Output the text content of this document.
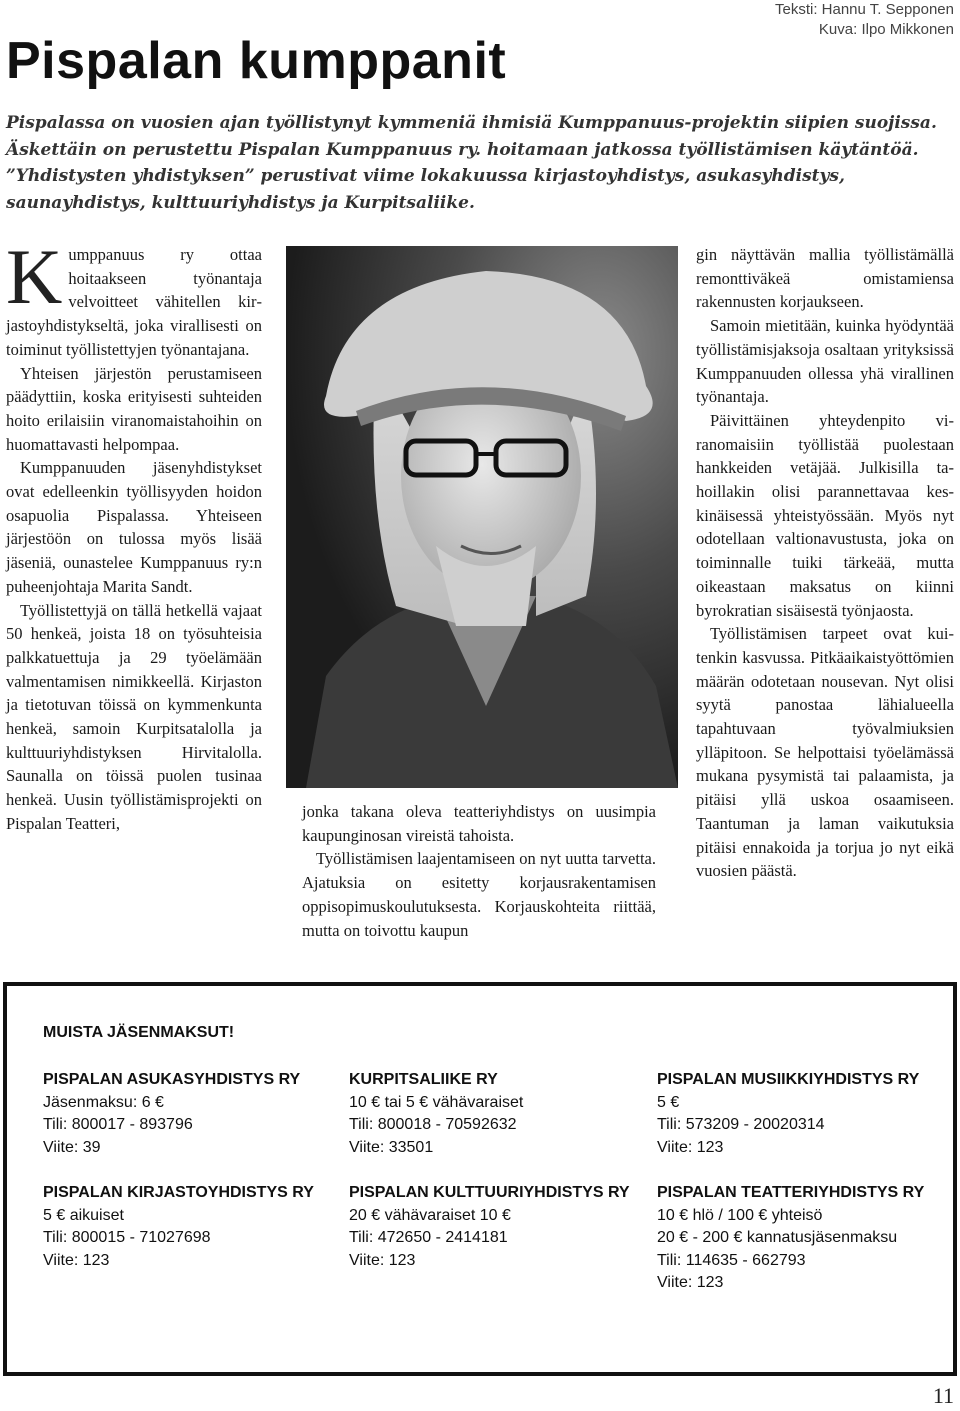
Teksti: Hannu T. Sepponen
Kuva: Ilpo Mikkonen
Pispalan kumppanit

Pispalassa on vuosien ajan työllistynyt kymmeniä ihmisiä Kumppanuus-projektin siipien suojissa.

Äskettäin on perustettu Pispalan Kumppanuus ry. hoitamaan jatkossa työllistämisen käytäntöä.

”Yhdistysten yhdistyksen” perustivat viime lokakuussa kirjastoyhdistys, asukasyhdistys,

saunayhdistys, kulttuuriyhdistys ja Kurpitsaliike.

Kumppanuus ry ottaa hoitaakseen työnantaja velvoitteet vähitellen kirjastoyhdistykseltä, joka virallisesti on toiminut työllistettyjen työnantajana.

Yhteisen järjestön perustamiseen päädyttiin, koska erityisesti suhteiden hoito erilaisiin viranomaistahoihin on huomattavasti helpompaa.

Kumppanuuden jäsenyhdistykset ovat edelleenkin työllisyyden hoidon osapuolia Pispalassa. Yhteiseen järjestöön on tulossa myös lisää jäseniä, ounastelee Kumppanuus ry:n puheenjohtaja Marita Sandt.

Työllistettyjä on tällä hetkellä vajaat 50 henkeä, joista 18 on työsuhteisia palkkatuettuja ja 29 työelämään valmentamisen nimikkeellä. Kirjaston ja tietotuvan töissä on kymmenkunta henkeä, samoin Kurpitsatalolla ja kulttuuriyhdistyksen Hirvitalolla. Saunalla on töissä puolen tusinaa henkeä. Uusin työllistämisprojekti on Pispalan Teatteri,

jonka takana oleva teatteriyhdistys on uusimpia kaupunginosan vireistä tahoista.

Työllistämisen laajentamiseen on nyt uutta tarvetta. Ajatuksia on esitetty korjausrakentamisen oppisopimuskoulutuksesta. Korjauskohteita riittää, mutta on toivottu kaupun

gin näyttävän mallia työllistämällä remonttiväkeä omistamiensa rakennusten korjaukseen.

Samoin mietitään, kuinka hyödyntää työllistämisjaksoja osaltaan yrityksissä Kumppanuuden ollessa yhä virallinen työnantaja.

Päivittäinen yhteydenpito viranomaisiin työllistää puolestaan hankkeiden vetäjää. Julkisilla tahoillakin olisi parannettavaa keskinäisessä yhteistyössään. Myös nyt odotellaan valtionavustusta, joka on toiminnalle tuiki tärkeää, mutta oikeastaan maksatus on kiinni byrokratian sisäisestä työnjaosta.

Työllistämisen tarpeet ovat kuitenkin kasvussa. Pitkäaikaistyöttömien määrän odotetaan nousevan. Nyt olisi syytä panostaa lähialueella tapahtuvaan työvalmiuksien ylläpitoon. Se helpottaisi työelämässä mukana pysymistä tai palaamista, ja pitäisi yllä uskoa osaamiseen. Taantuman ja laman vaikutuksia pitäisi ennakoida ja torjua jo nyt eikä vuosien päästä.

MUISTA JÄSENMAKSUT!
PISPALAN ASUKASYHDISTYS RY
Jäsenmaksu: 6 €
Tili: 800017 - 893796
Viite: 39
KURPITSALIIKE RY
10 € tai 5 € vähävaraiset
Tili: 800018 - 70592632
Viite: 33501
PISPALAN MUSIIKKIYHDISTYS RY
5 €
Tili: 573209 - 20020314
Viite: 123
PISPALAN KIRJASTOYHDISTYS RY
5 € aikuiset
Tili: 800015 - 71027698
Viite: 123
PISPALAN KULTTUURIYHDISTYS RY
20 € vähävaraiset 10 €
Tili: 472650 - 2414181
Viite: 123
PISPALAN TEATTERIYHDISTYS RY
10 € hlö / 100 € yhteisö
20 € - 200 € kannatusjäsenmaksu
Tili: 114635 - 662793
Viite: 123
11
